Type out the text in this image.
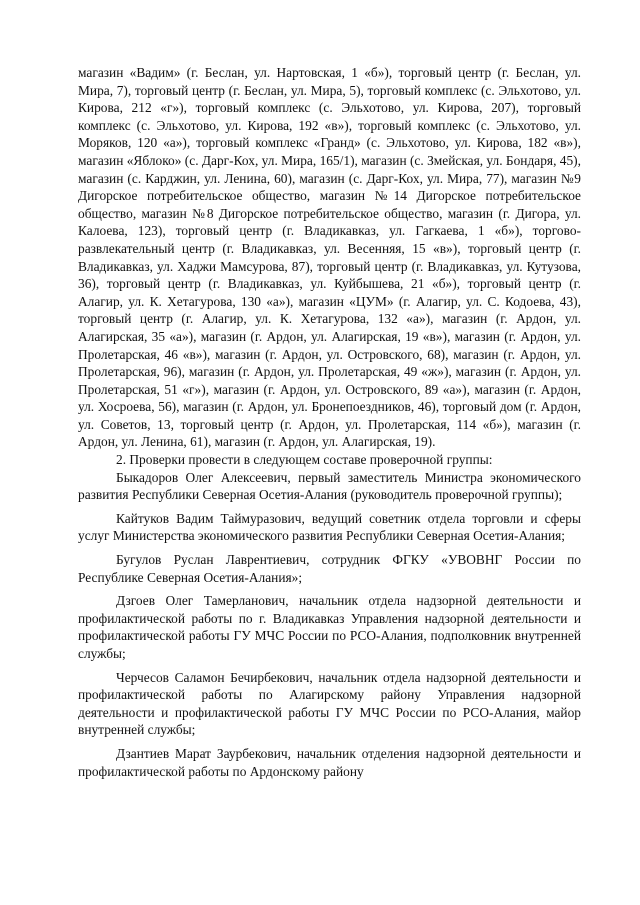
магазин «Вадим» (г. Беслан, ул. Нартовская, 1 «б»), торговый центр (г. Беслан, ул. Мира, 7), торговый центр (г. Беслан, ул. Мира, 5), торговый комплекс (с. Эльхотово, ул. Кирова, 212 «г»), торговый комплекс (с. Эльхотово, ул. Кирова, 207), торговый комплекс (с. Эльхотово, ул. Кирова, 192 «в»), торговый комплекс (с. Эльхотово, ул. Моряков, 120 «а»), торговый комплекс «Гранд» (с. Эльхотово, ул. Кирова, 182 «в»), магазин «Яблоко» (с. Дарг-Кох, ул. Мира, 165/1), магазин (с. Змейская, ул. Бондаря, 45), магазин (с. Карджин, ул. Ленина, 60), магазин (с. Дарг-Кох, ул. Мира, 77), магазин №9 Дигорское потребительское общество, магазин №14 Дигорское потребительское общество, магазин №8 Дигорское потребительское общество, магазин (г. Дигора, ул. Калоева, 123), торговый центр (г. Владикавказ, ул. Гагкаева, 1 «б»), торгово-развлекательный центр (г. Владикавказ, ул. Весенняя, 15 «в»), торговый центр (г. Владикавказ, ул. Хаджи Мамсурова, 87), торговый центр (г. Владикавказ, ул. Кутузова, 36), торговый центр (г. Владикавказ, ул. Куйбышева, 21 «б»), торговый центр (г. Алагир, ул. К. Хетагурова, 130 «а»), магазин «ЦУМ» (г. Алагир, ул. С. Кодоева, 43), торговый центр (г. Алагир, ул. К. Хетагурова, 132 «а»), магазин (г. Ардон, ул. Алагирская, 35 «а»), магазин (г. Ардон, ул. Алагирская, 19 «в»), магазин (г. Ардон, ул. Пролетарская, 46 «в»), магазин (г. Ардон, ул. Островского, 68), магазин (г. Ардон, ул. Пролетарская, 96), магазин (г. Ардон, ул. Пролетарская, 49 «ж»), магазин (г. Ардон, ул. Пролетарская, 51 «г»), магазин (г. Ардон, ул. Островского, 89 «а»), магазин (г. Ардон, ул. Хосроева, 56), магазин (г. Ардон, ул. Бронепоездников, 46), торговый дом (г. Ардон, ул. Советов, 13, торговый центр (г. Ардон, ул. Пролетарская, 114 «б»), магазин (г. Ардон, ул. Ленина, 61), магазин (г. Ардон, ул. Алагирская, 19).

2. Проверки провести в следующем составе проверочной группы:

Быкадоров Олег Алексеевич, первый заместитель Министра экономического развития Республики Северная Осетия-Алания (руководитель проверочной группы);

Кайтуков Вадим Таймуразович, ведущий советник отдела торговли и сферы услуг Министерства экономического развития Республики Северная Осетия-Алания;

Бугулов Руслан Лаврентиевич, сотрудник ФГКУ «УВОВНГ России по Республике Северная Осетия-Алания»;

Дзгоев Олег Тамерланович, начальник отдела надзорной деятельности и профилактической работы по г. Владикавказ Управления надзорной деятельности и профилактической работы ГУ МЧС России по РСО-Алания, подполковник внутренней службы;

Черчесов Саламон Бечирбекович, начальник отдела надзорной деятельности и профилактической работы по Алагирскому району Управления надзорной деятельности и профилактической работы ГУ МЧС России по РСО-Алания, майор внутренней службы;

Дзантиев Марат Заурбекович, начальник отделения надзорной деятельности и профилактической работы по Ардонскому району
